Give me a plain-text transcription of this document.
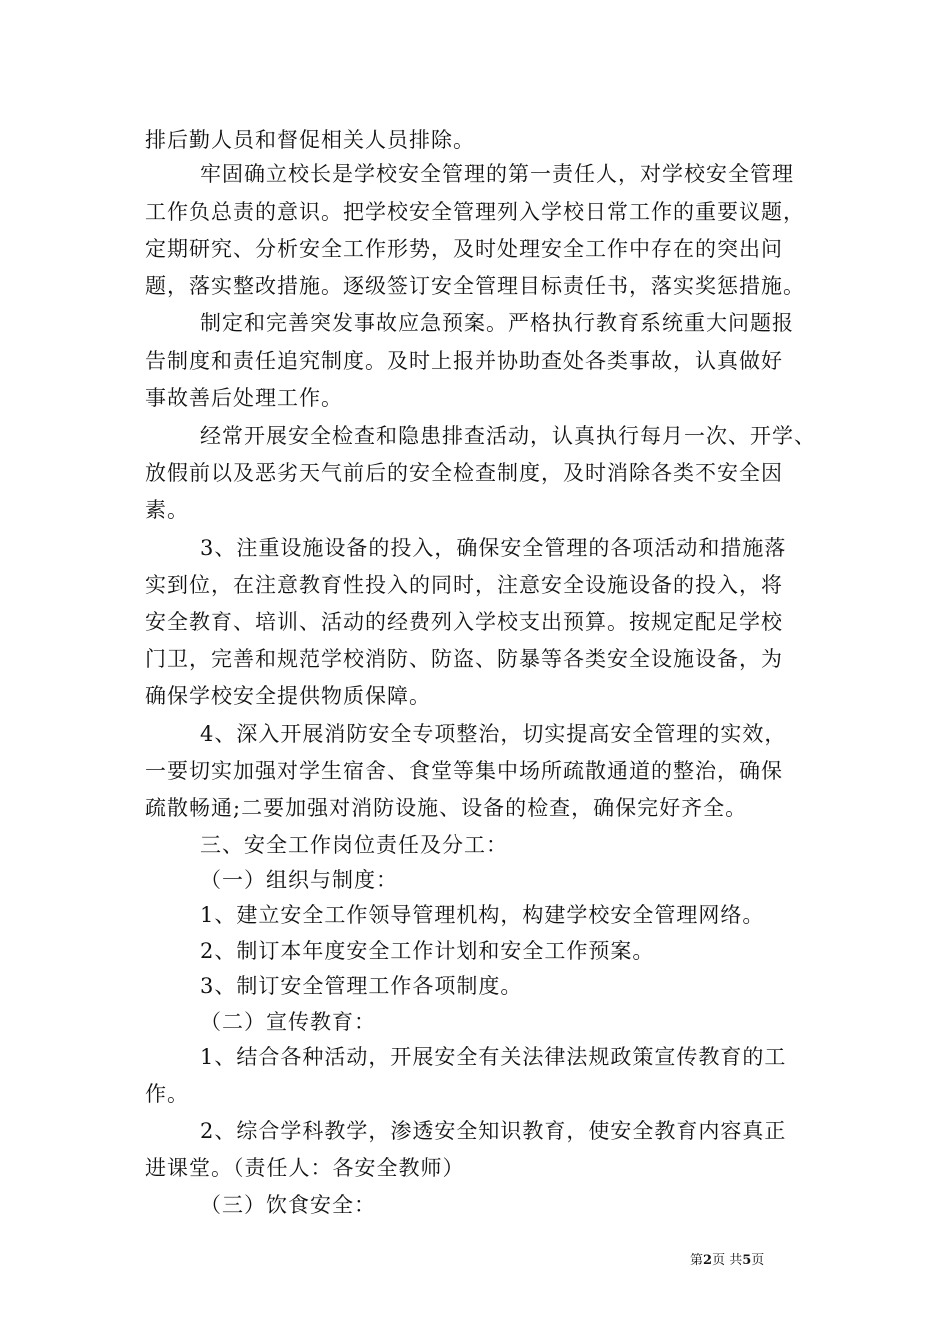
排后勤人员和督促相关人员排除。
牢固确立校长是学校安全管理的第一责任人，对学校安全管理
工作负总责的意识。把学校安全管理列入学校日常工作的重要议题，
定期研究、分析安全工作形势，及时处理安全工作中存在的突出问
题，落实整改措施。逐级签订安全管理目标责任书，落实奖惩措施。
制定和完善突发事故应急预案。严格执行教育系统重大问题报
告制度和责任追究制度。及时上报并协助查处各类事故，认真做好
事故善后处理工作。
经常开展安全检查和隐患排查活动，认真执行每月一次、开学、
放假前以及恶劣天气前后的安全检查制度，及时消除各类不安全因
素。
3、注重设施设备的投入，确保安全管理的各项活动和措施落
实到位，在注意教育性投入的同时，注意安全设施设备的投入，将
安全教育、培训、活动的经费列入学校支出预算。按规定配足学校
门卫，完善和规范学校消防、防盗、防暴等各类安全设施设备，为
确保学校安全提供物质保障。
4、深入开展消防安全专项整治，切实提高安全管理的实效，
一要切实加强对学生宿舍、食堂等集中场所疏散通道的整治，确保
疏散畅通;二要加强对消防设施、设备的检查，确保完好齐全。
三、安全工作岗位责任及分工：
（一）组织与制度：
1、建立安全工作领导管理机构，构建学校安全管理网络。
2、制订本年度安全工作计划和安全工作预案。
3、制订安全管理工作各项制度。
（二）宣传教育：
1、结合各种活动，开展安全有关法律法规政策宣传教育的工
作。
2、综合学科教学，渗透安全知识教育，使安全教育内容真正
进课堂。（责任人：各安全教师）
（三）饮食安全：
第2页 共5页
